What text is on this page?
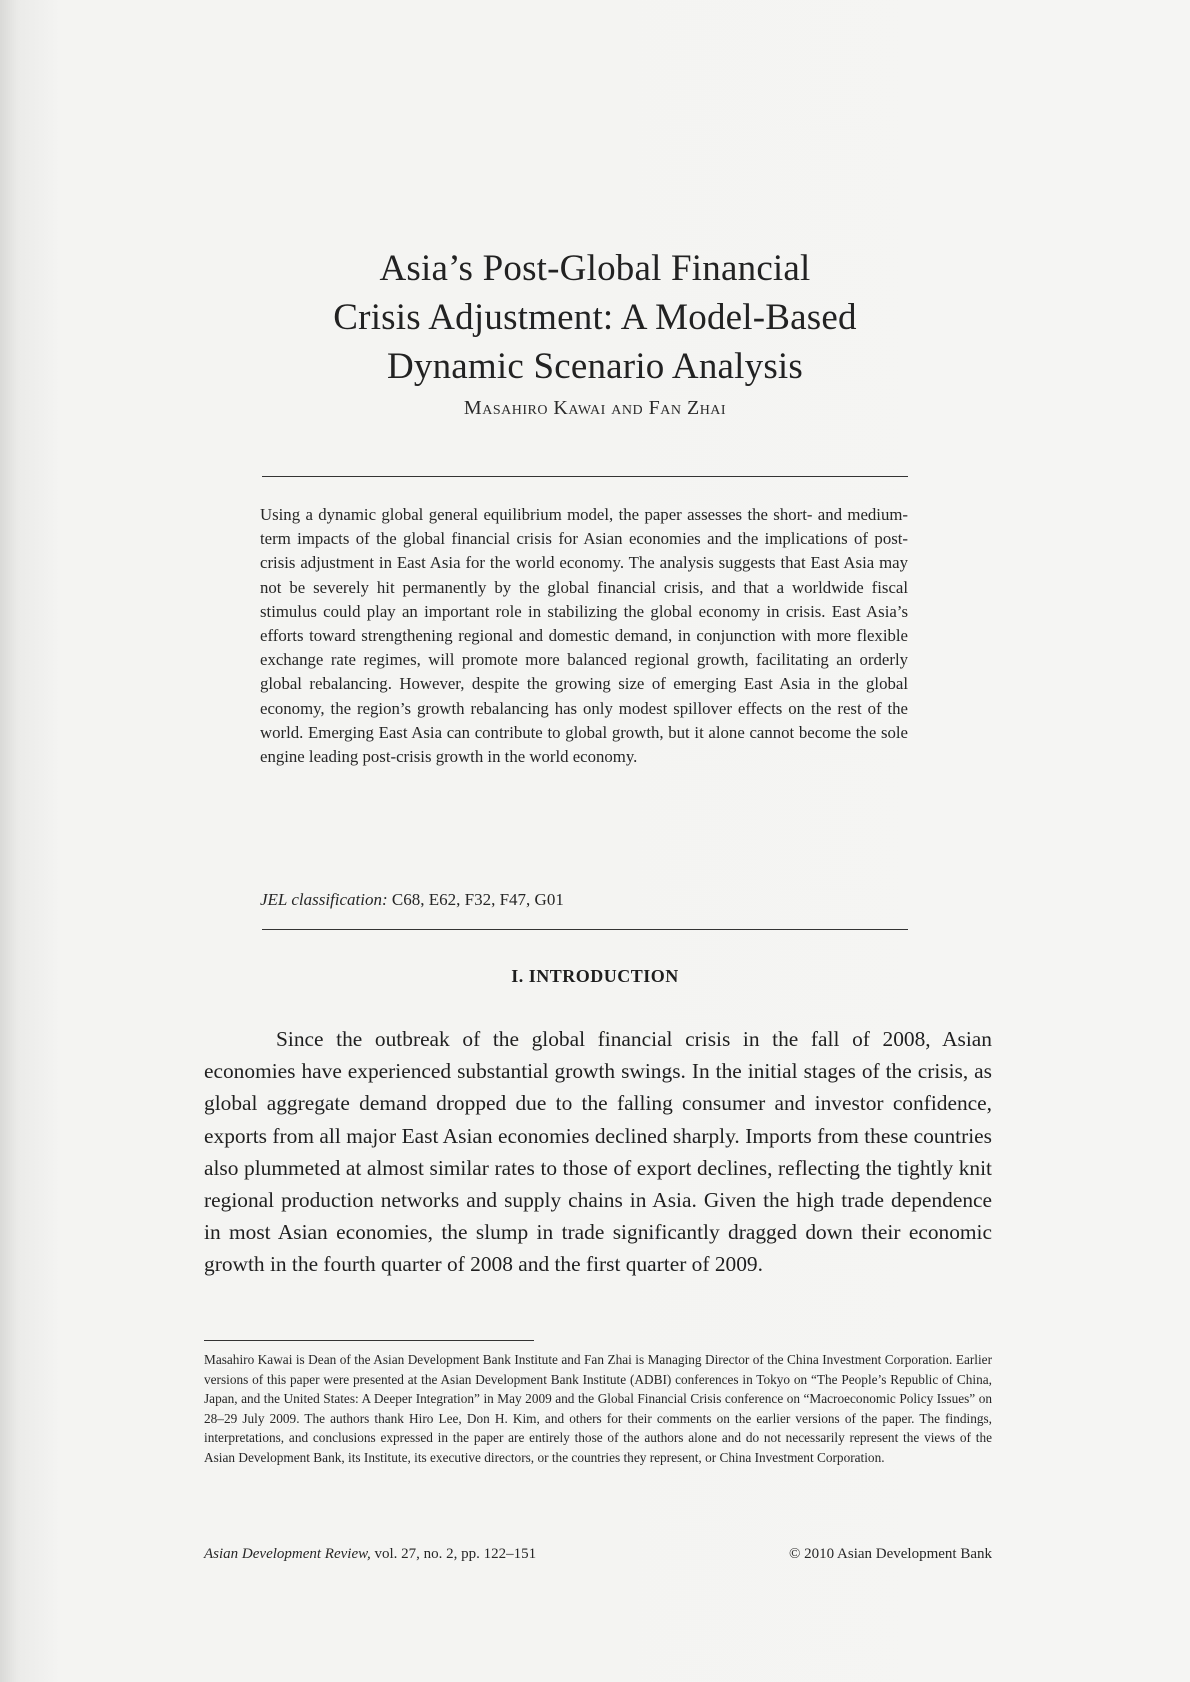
Asia’s Post-Global Financial
Crisis Adjustment: A Model-Based
Dynamic Scenario Analysis
Masahiro Kawai and Fan Zhai
Using a dynamic global general equilibrium model, the paper assesses the short- and medium-term impacts of the global financial crisis for Asian economies and the implications of post-crisis adjustment in East Asia for the world economy. The analysis suggests that East Asia may not be severely hit permanently by the global financial crisis, and that a worldwide fiscal stimulus could play an important role in stabilizing the global economy in crisis. East Asia’s efforts toward strengthening regional and domestic demand, in conjunction with more flexible exchange rate regimes, will promote more balanced regional growth, facilitating an orderly global rebalancing. However, despite the growing size of emerging East Asia in the global economy, the region’s growth rebalancing has only modest spillover effects on the rest of the world. Emerging East Asia can contribute to global growth, but it alone cannot become the sole engine leading post-crisis growth in the world economy.
JEL classification: C68, E62, F32, F47, G01
I. INTRODUCTION
Since the outbreak of the global financial crisis in the fall of 2008, Asian economies have experienced substantial growth swings. In the initial stages of the crisis, as global aggregate demand dropped due to the falling consumer and investor confidence, exports from all major East Asian economies declined sharply. Imports from these countries also plummeted at almost similar rates to those of export declines, reflecting the tightly knit regional production networks and supply chains in Asia. Given the high trade dependence in most Asian economies, the slump in trade significantly dragged down their economic growth in the fourth quarter of 2008 and the first quarter of 2009.
Masahiro Kawai is Dean of the Asian Development Bank Institute and Fan Zhai is Managing Director of the China Investment Corporation. Earlier versions of this paper were presented at the Asian Development Bank Institute (ADBI) conferences in Tokyo on “The People’s Republic of China, Japan, and the United States: A Deeper Integration” in May 2009 and the Global Financial Crisis conference on “Macroeconomic Policy Issues” on 28–29 July 2009. The authors thank Hiro Lee, Don H. Kim, and others for their comments on the earlier versions of the paper. The findings, interpretations, and conclusions expressed in the paper are entirely those of the authors alone and do not necessarily represent the views of the Asian Development Bank, its Institute, its executive directors, or the countries they represent, or China Investment Corporation.
Asian Development Review, vol. 27, no. 2, pp. 122–151	© 2010 Asian Development Bank
